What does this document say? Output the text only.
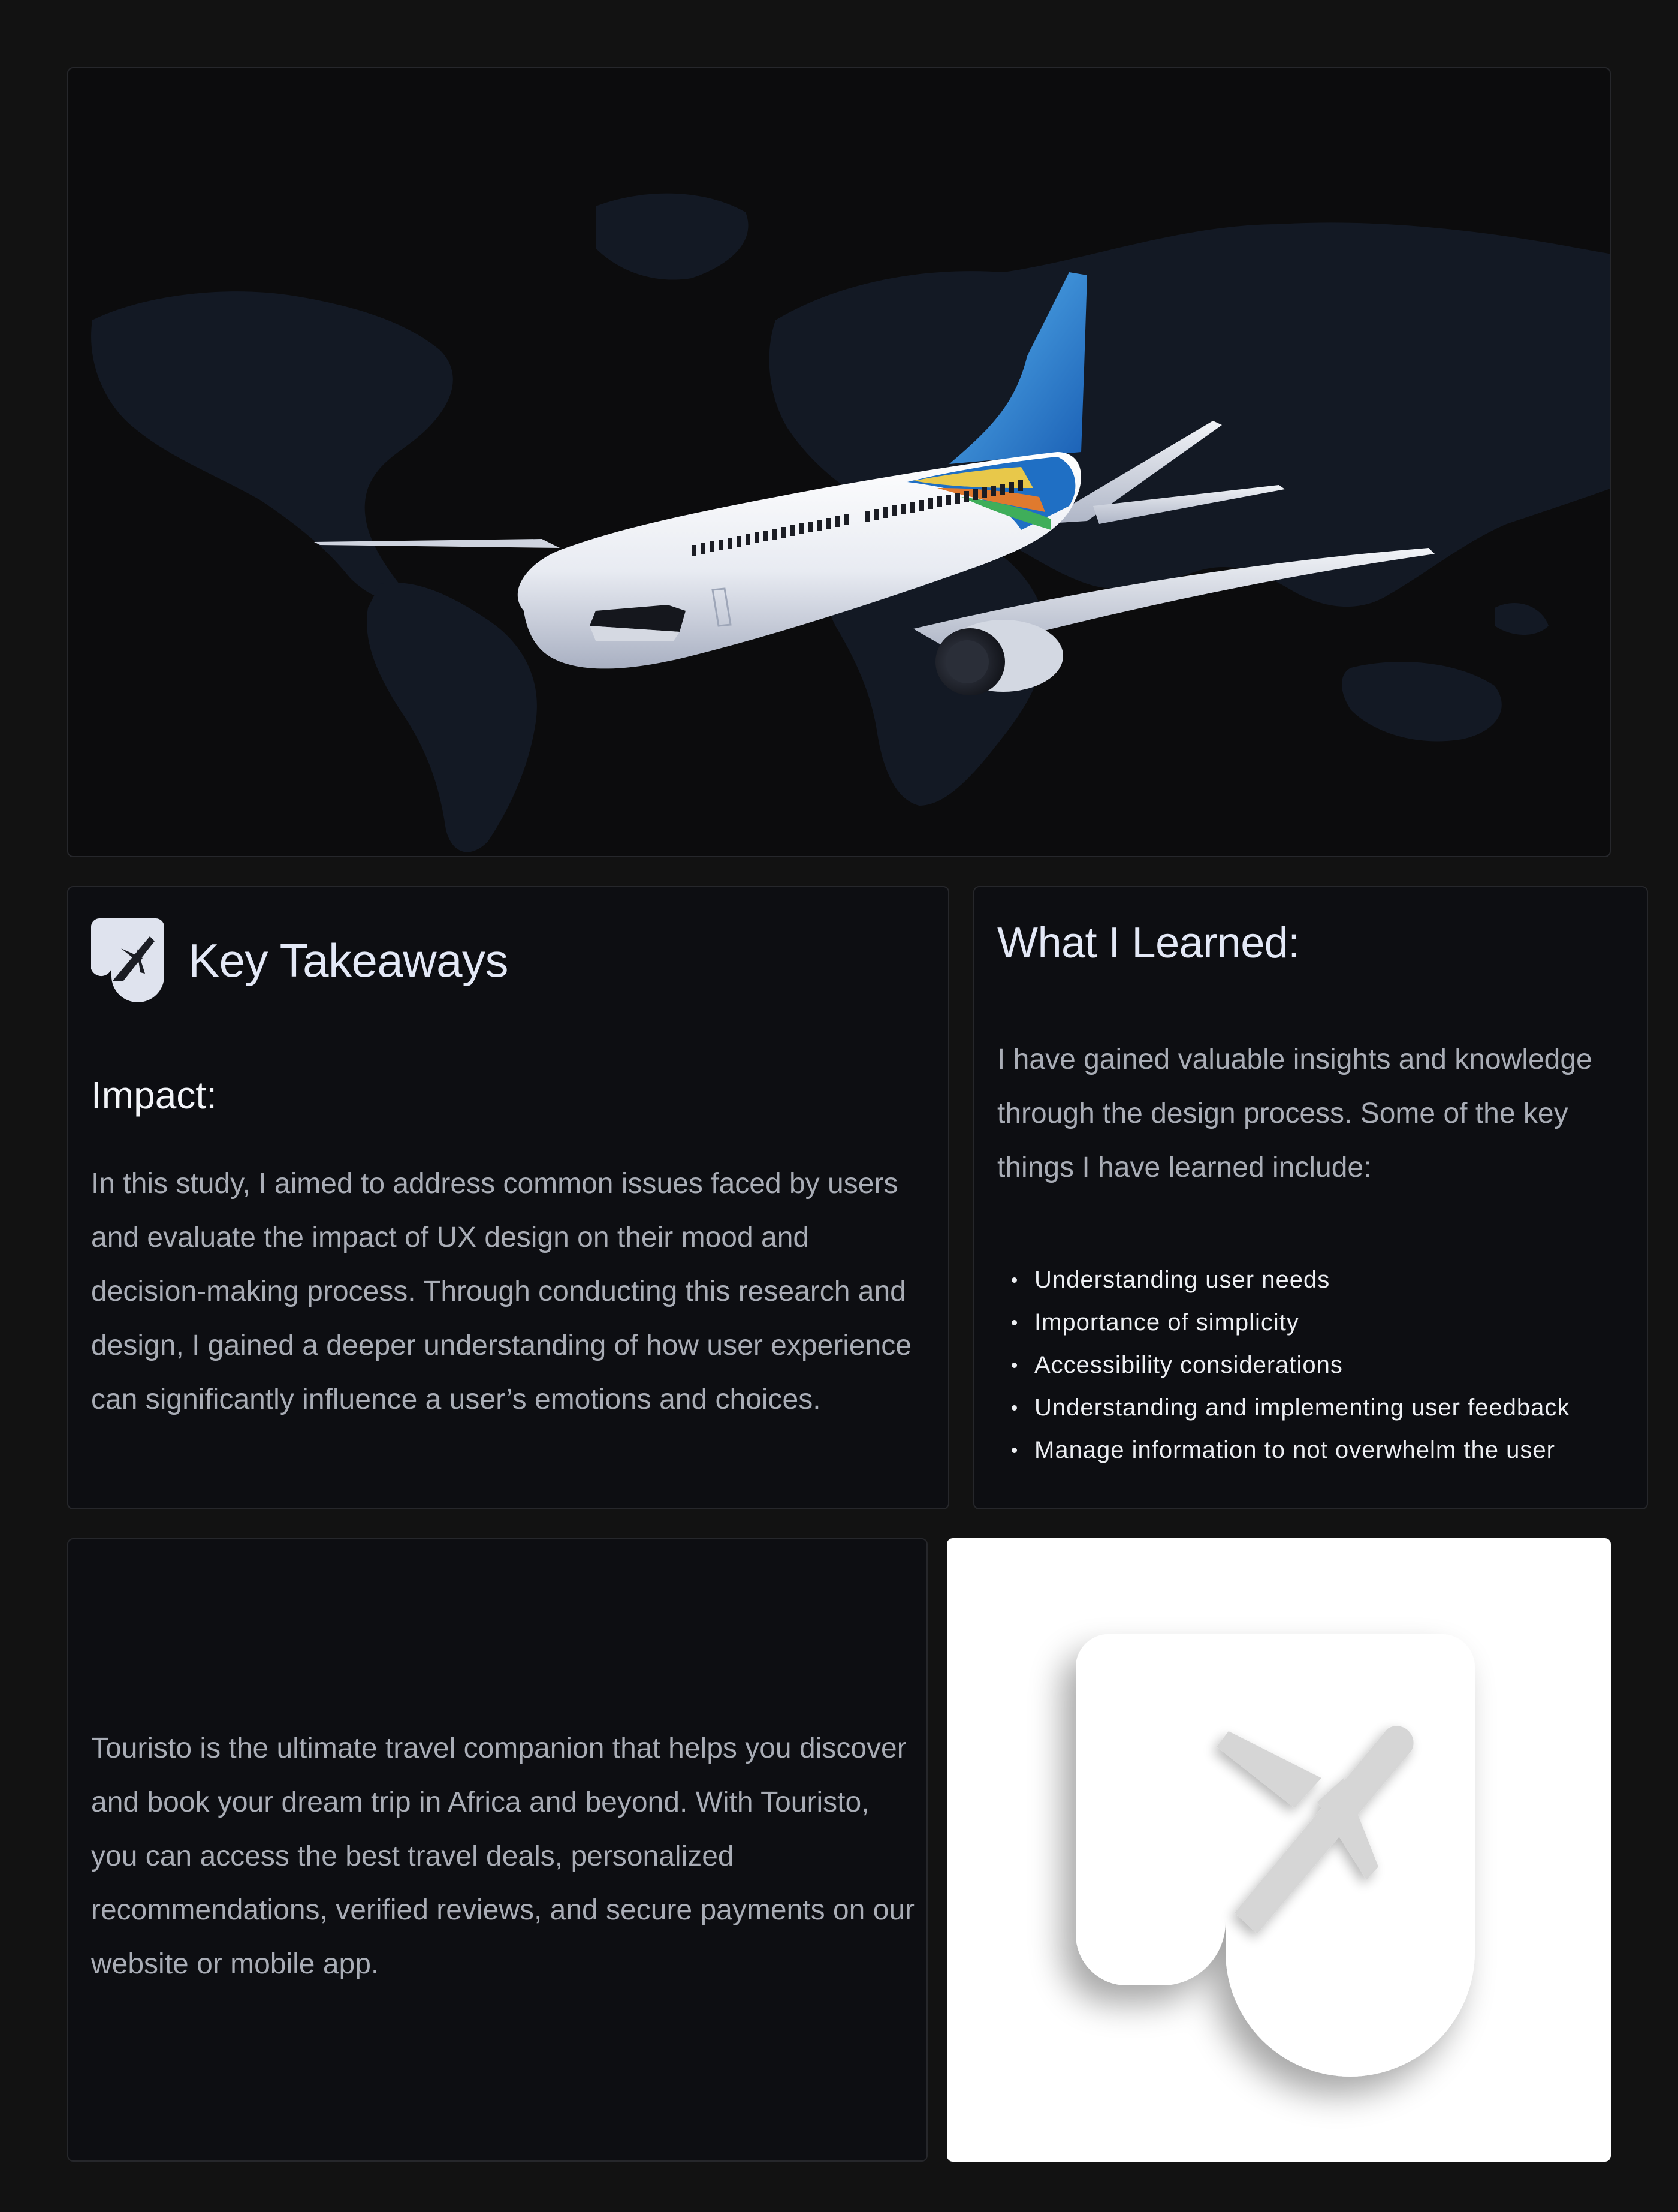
Key Takeaways
Impact:

In this study, I aimed to address common issues faced by users and evaluate the impact of UX design on their mood and decision-making process. Through conducting this research and design, I gained a deeper understanding of how user experience can significantly influence a user’s emotions and choices.

What I Learned:

I have gained valuable insights and knowledge through the design process. Some of the key things I have learned include:

Understanding user needs
Importance of simplicity
Accessibility considerations
Understanding and implementing user feedback
Manage information to not overwhelm the user

Touristo is the ultimate travel companion that helps you discover and book your dream trip in Africa and beyond. With Touristo, you can access the best travel deals, personalized recommendations, verified reviews, and secure payments on our website or mobile app.
